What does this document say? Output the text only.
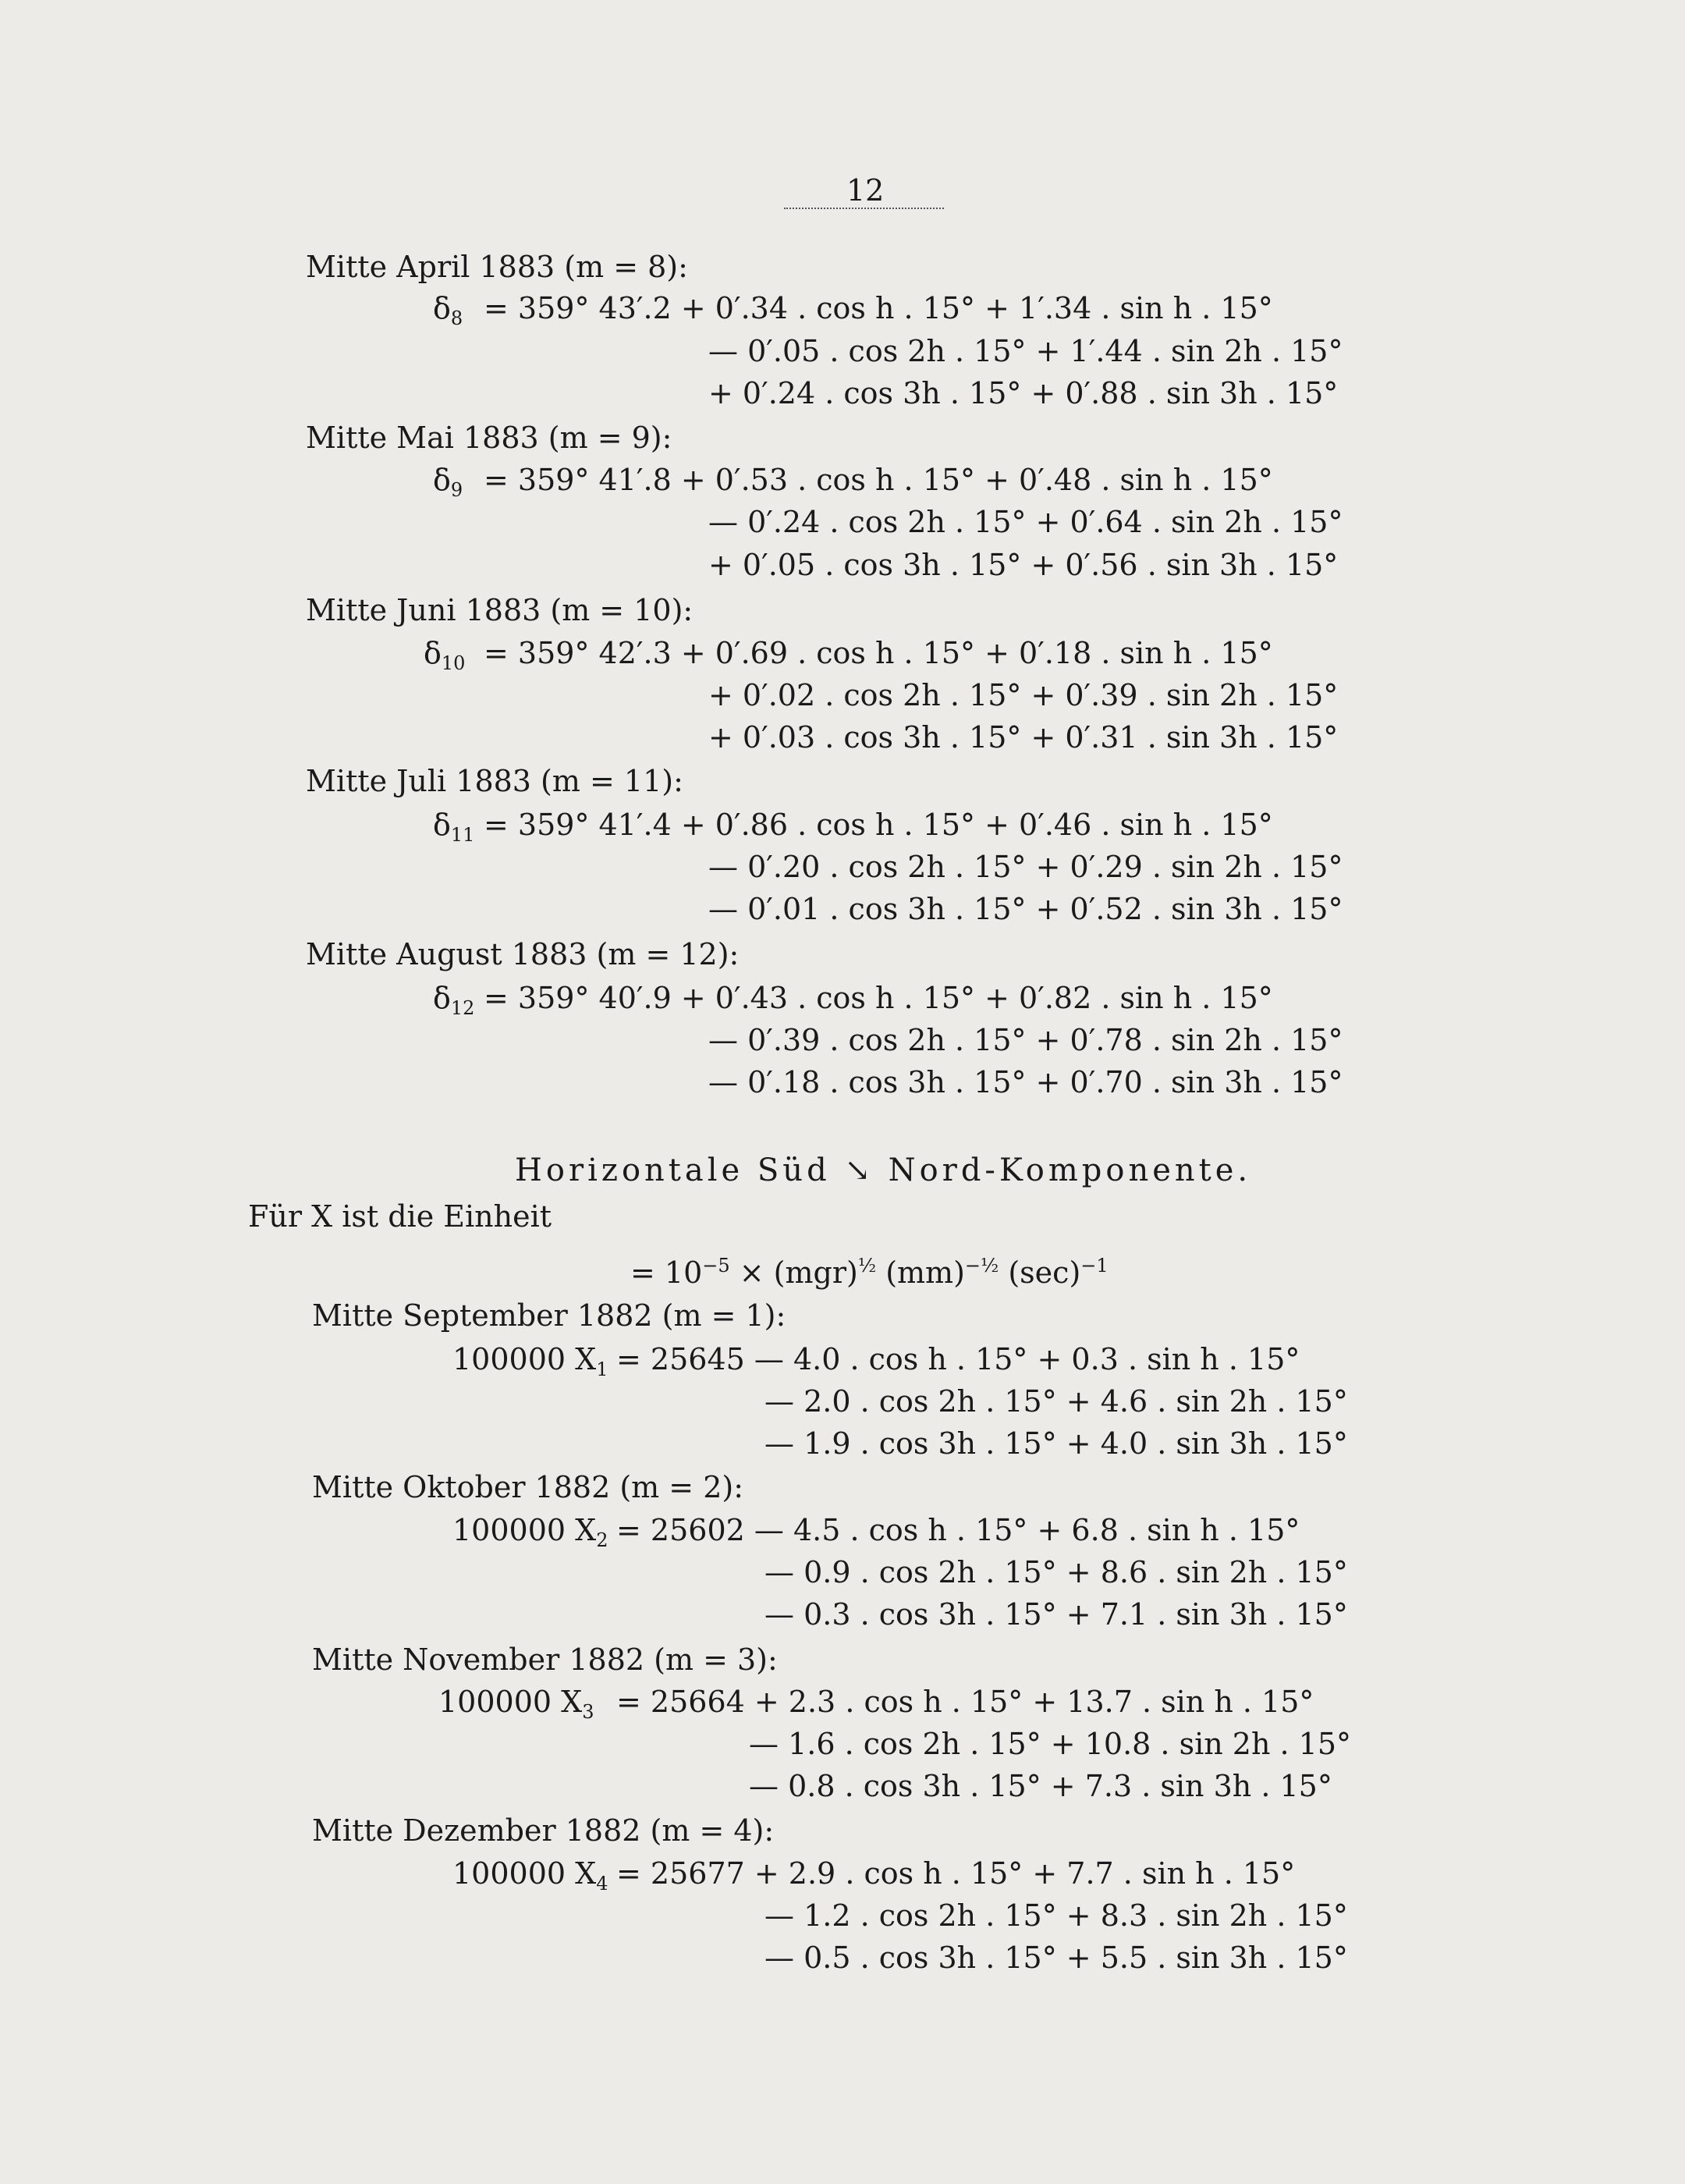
12
Mitte April 1883 (m = 8):
$\delta_8 = 359^\circ$ 43′.2 + 0′.34 . cos h . 15° + 1′.34 . sin h . 15°
— 0′.05 . cos 2h . 15° + 1′.44 . sin 2h . 15°
+ 0′.24 . cos 3h . 15° + 0′.88 . sin 3h . 15°
Mitte Mai 1883 (m = 9):
$\delta_9 = 359^\circ$ 41′.8 + 0′.53 . cos h . 15° + 0′.48 . sin h . 15°
— 0′.24 . cos 2h . 15° + 0′.64 . sin 2h . 15°
+ 0′.05 . cos 3h . 15° + 0′.56 . sin 3h . 15°
Mitte Juni 1883 (m = 10):
$\delta_{10} = 359^\circ$ 42′.3 + 0′.69 . cos h . 15° + 0′.18 . sin h . 15°
+ 0′.02 . cos 2h . 15° + 0′.39 . sin 2h . 15°
+ 0′.03 . cos 3h . 15° + 0′.31 . sin 3h . 15°
Mitte Juli 1883 (m = 11):
$\delta_{11} = 359^\circ$ 41′.4 + 0′.86 . cos h . 15° + 0′.46 . sin h . 15°
— 0′.20 . cos 2h . 15° + 0′.29 . sin 2h . 15°
— 0′.01 . cos 3h . 15° + 0′.52 . sin 3h . 15°
Mitte August 1883 (m = 12):
$\delta_{12} = 359^\circ$ 40′.9 + 0′.43 . cos h . 15° + 0′.82 . sin h . 15°
— 0′.39 . cos 2h . 15° + 0′.78 . sin 2h . 15°
— 0′.18 . cos 3h . 15° + 0′.70 . sin 3h . 15°
Horizontale Süd ↘ Nord-Komponente.
Für X ist die Einheit
= $10^{-5} \times (mgr)^{\frac{1}{2}}$ (mm)$^{-\frac{1}{2}}$ $(\sec)^{-1}$
Mitte September 1882 (m = 1):
100000 $X_1 = 25645$ — 4.0 . cos h . 15° + 0.3 . sin h . 15°
— 2.0 . cos 2h . 15° + 4.6 . sin 2h . 15°
— 1.9 . cos 3h . 15° + 4.0 . sin 3h . 15°
Mitte Oktober 1882 (m = 2):
100000 $X_2 = 25602$ — 4.5 . cos h . 15° + 6.8 . sin h . 15°
— 0.9 . cos 2h . 15° + 8.6 . sin 2h . 15°
— 0.3 . cos 3h . 15° + 7.1 . sin 3h . 15°
Mitte November 1882 (m = 3):
100000 $X_3 = 25664 + 2.3$ . cos h . 15° + 13.7 . sin h . 15°
— 1.6 . cos 2h . 15° + 10.8 . sin 2h . 15°
— 0.8 . cos 3h . 15° + 7.3 . sin 3h . 15°
Mitte Dezember 1882 (m = 4):
100000 $X_4 = 25677 + 2.9$ . cos h . 15° + 7.7 . sin h . 15°
— 1.2 . cos 2h . 15° + 8.3 . sin 2h . 15°
— 0.5 . cos 3h . 15° + 5.5 . sin 3h . 15°
